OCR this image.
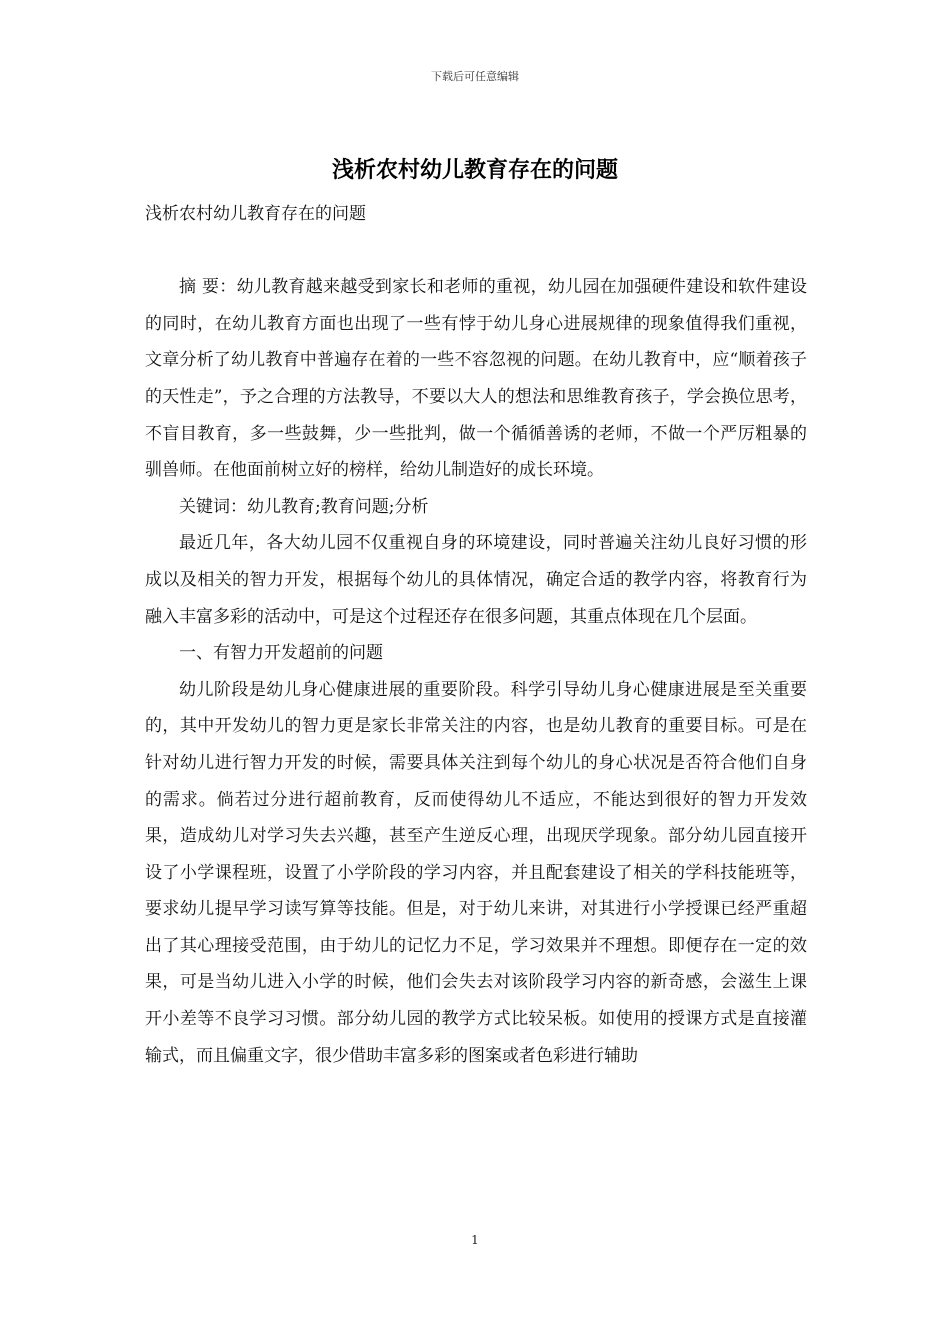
下载后可任意编辑
浅析农村幼儿教育存在的问题

浅析农村幼儿教育存在的问题

摘 要：幼儿教育越来越受到家长和老师的重视，幼儿园在加强硬件建设和软件建设的同时，在幼儿教育方面也出现了一些有悖于幼儿身心进展规律的现象值得我们重视，文章分析了幼儿教育中普遍存在着的一些不容忽视的问题。在幼儿教育中，应“顺着孩子的天性走”，予之合理的方法教导，不要以大人的想法和思维教育孩子，学会换位思考，不盲目教育，多一些鼓舞，少一些批判，做一个循循善诱的老师，不做一个严厉粗暴的驯兽师。在他面前树立好的榜样，给幼儿制造好的成长环境。

关键词：幼儿教育;教育问题;分析

最近几年，各大幼儿园不仅重视自身的环境建设，同时普遍关注幼儿良好习惯的形成以及相关的智力开发，根据每个幼儿的具体情况，确定合适的教学内容，将教育行为融入丰富多彩的活动中，可是这个过程还存在很多问题，其重点体现在几个层面。

一、有智力开发超前的问题

幼儿阶段是幼儿身心健康进展的重要阶段。科学引导幼儿身心健康进展是至关重要的，其中开发幼儿的智力更是家长非常关注的内容，也是幼儿教育的重要目标。可是在针对幼儿进行智力开发的时候，需要具体关注到每个幼儿的身心状况是否符合他们自身的需求。倘若过分进行超前教育，反而使得幼儿不适应，不能达到很好的智力开发效果，造成幼儿对学习失去兴趣，甚至产生逆反心理，出现厌学现象。部分幼儿园直接开设了小学课程班，设置了小学阶段的学习内容，并且配套建设了相关的学科技能班等，要求幼儿提早学习读写算等技能。但是，对于幼儿来讲，对其进行小学授课已经严重超出了其心理接受范围，由于幼儿的记忆力不足，学习效果并不理想。即便存在一定的效果，可是当幼儿进入小学的时候，他们会失去对该阶段学习内容的新奇感，会滋生上课开小差等不良学习习惯。部分幼儿园的教学方式比较呆板。如使用的授课方式是直接灌输式，而且偏重文字，很少借助丰富多彩的图案或者色彩进行辅助

1
